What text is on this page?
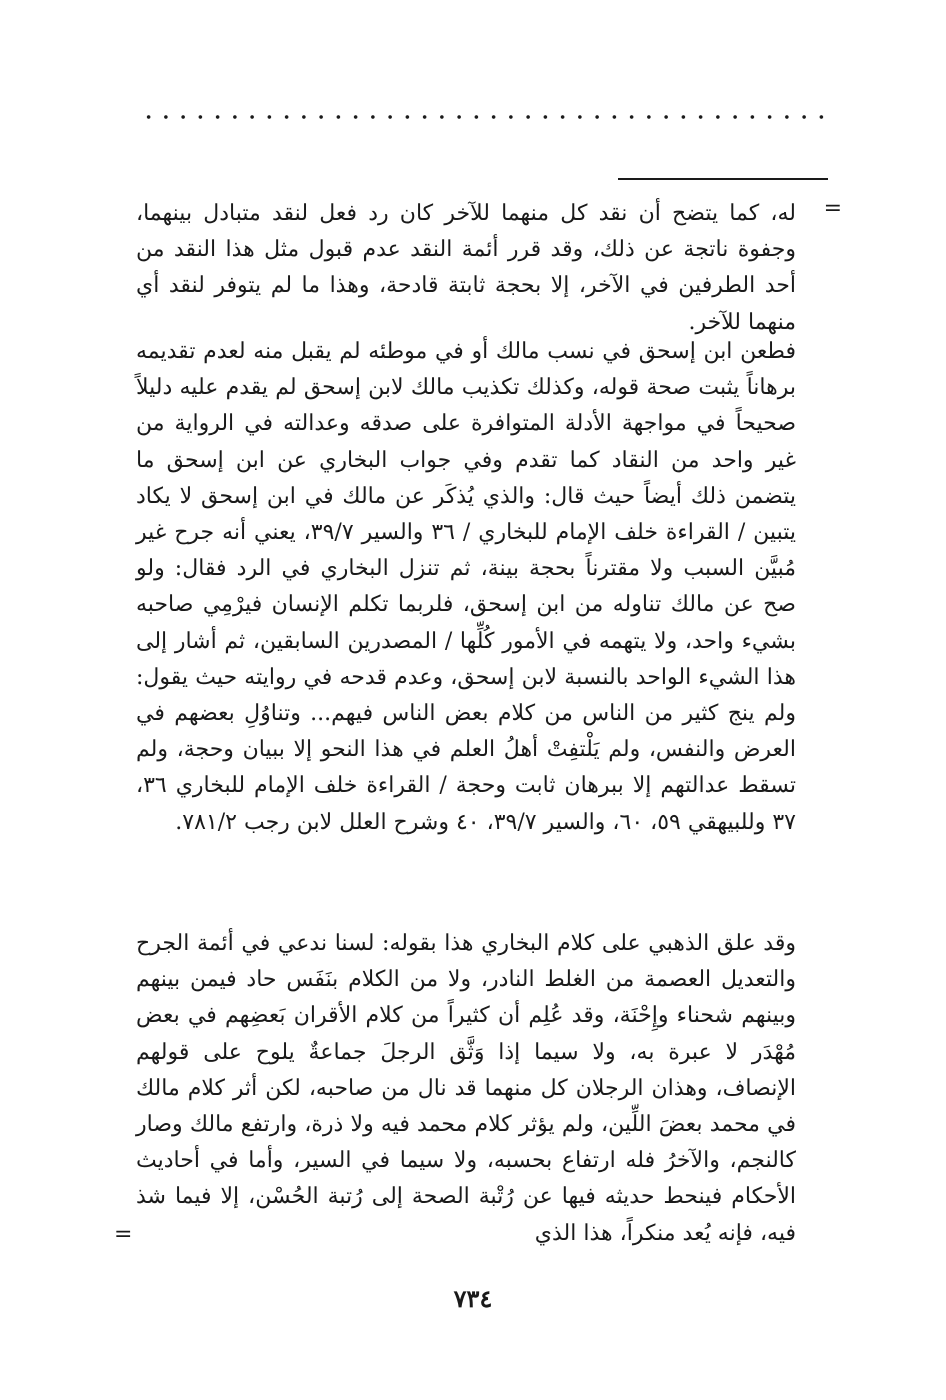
=

له، كما يتضح أن نقد كل منهما للآخر كان رد فعل لنقد متبادل بينهما، وجفوة ناتجة عن ذلك، وقد قرر أئمة النقد عدم قبول مثل هذا النقد من أحد الطرفين في الآخر، إلا بحجة ثابتة قادحة، وهذا ما لم يتوفر لنقد أي منهما للآخر.

فطعن ابن إسحق في نسب مالك أو في موطئه لم يقبل منه لعدم تقديمه برهاناً يثبت صحة قوله، وكذلك تكذيب مالك لابن إسحق لم يقدم عليه دليلاً صحيحاً في مواجهة الأدلة المتوافرة على صدقه وعدالته في الرواية من غير واحد من النقاد كما تقدم وفي جواب البخاري عن ابن إسحق ما يتضمن ذلك أيضاً حيث قال: والذي يُذكَر عن مالك في ابن إسحق لا يكاد يتبين / القراءة خلف الإمام للبخاري / ٣٦ والسير ٣٩/٧، يعني أنه جرح غير مُبيَّن السبب ولا مقترناً بحجة بينة، ثم تنزل البخاري في الرد فقال: ولو صح عن مالك تناوله من ابن إسحق، فلربما تكلم الإنسان فيرْمِي صاحبه بشيء واحد، ولا يتهمه في الأمور كُلِّها / المصدرين السابقين، ثم أشار إلى هذا الشيء الواحد بالنسبة لابن إسحق، وعدم قدحه في روايته حيث يقول: ولم ينج كثير من الناس من كلام بعض الناس فيهم... وتناوُلِ بعضهم في العرض والنفس، ولم يَلْتفِتْ أهلُ العلم في هذا النحو إلا ببيان وحجة، ولم تسقط عدالتهم إلا ببرهان ثابت وحجة / القراءة خلف الإمام للبخاري ٣٦، ٣٧ وللبيهقي ٥٩، ٦٠، والسير ٣٩/٧، ٤٠ وشرح العلل لابن رجب ٧٨١/٢.

وقد علق الذهبي على كلام البخاري هذا بقوله: لسنا ندعي في أئمة الجرح والتعديل العصمة من الغلط النادر، ولا من الكلام بنَفَس حاد فيمن بينهم وبينهم شحناء وإِحْنَة، وقد عُلِم أن كثيراً من كلام الأقران بَعضِهم في بعض مُهْدَر لا عبرة به، ولا سيما إذا وَثَّق الرجلَ جماعةٌ يلوح على قولهم الإنصاف، وهذان الرجلان كل منهما قد نال من صاحبه، لكن أثر كلام مالك في محمد بعضَ اللِّين، ولم يؤثر كلام محمد فيه ولا ذرة، وارتفع مالك وصار كالنجم، والآخرُ فله ارتفاع بحسبه، ولا سيما في السير، وأما في أحاديث الأحكام فينحط حديثه فيها عن رُتْبة الصحة إلى رُتبة الحُسْن، إلا فيما شذ فيه، فإنه يُعد منكراً، هذا الذي

=
٧٣٤
